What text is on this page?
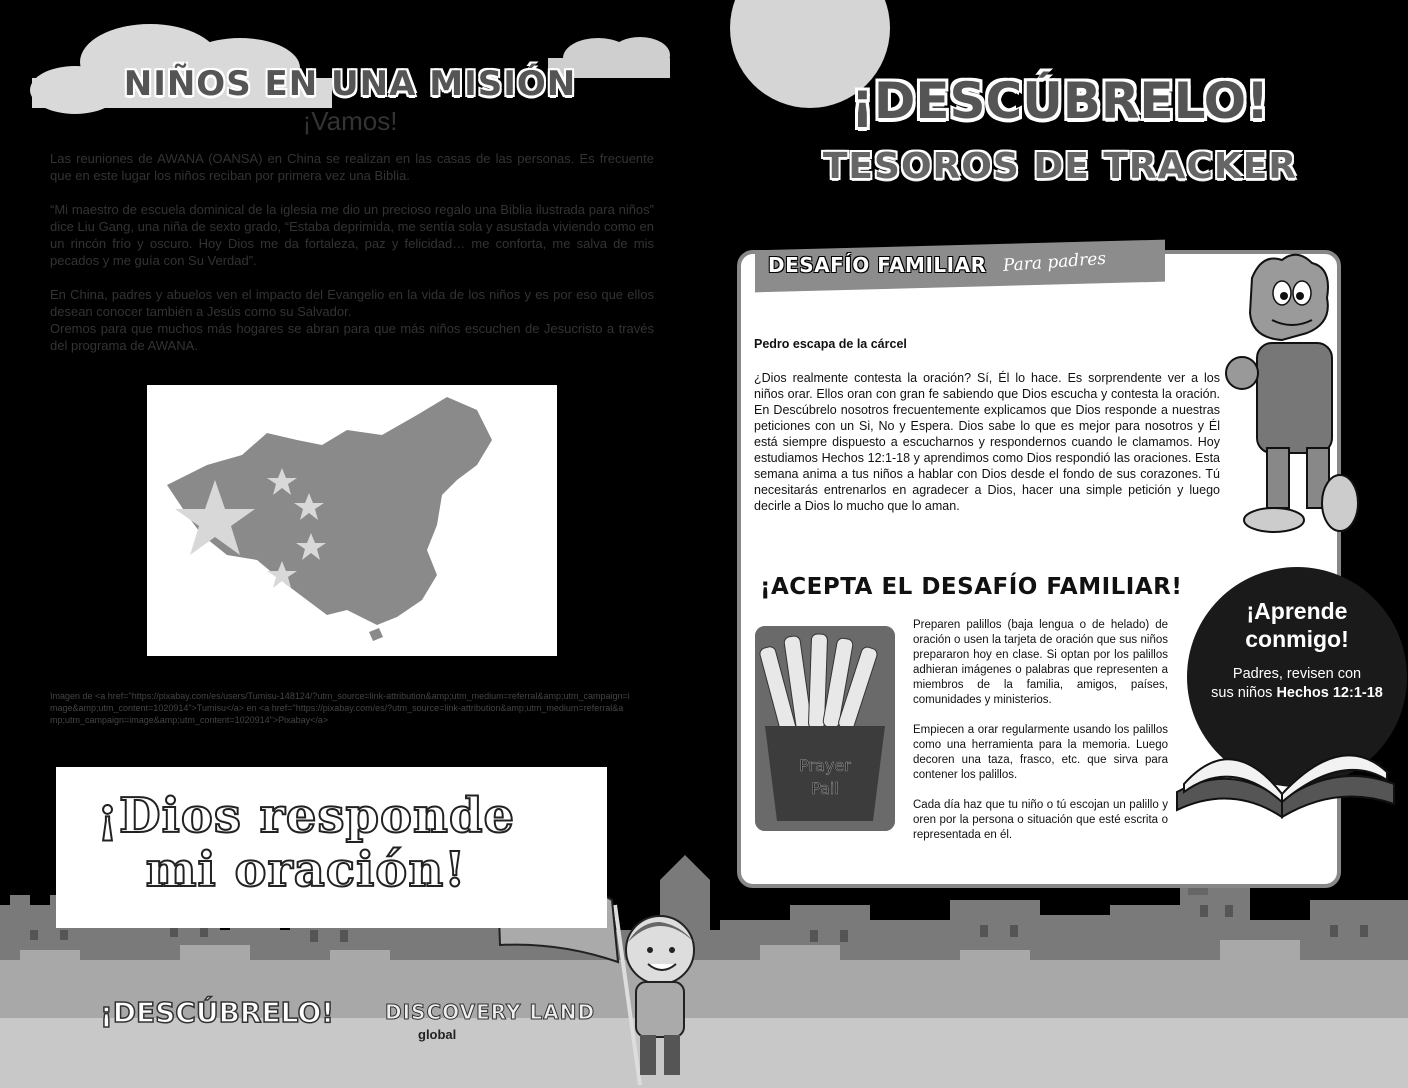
NIÑOS EN UNA MISIÓN
¡Vamos!

Las reuniones de AWANA (OANSA) en China se realizan en las casas de las personas. Es frecuente que en este lugar los niños reciban por primera vez una Biblia.

“Mi maestro de escuela dominical de la iglesia me dio un precioso regalo una Biblia ilustrada para niños” dice Liu Gang, una niña de sexto grado, “Estaba deprimida, me sentía sola y asustada viviendo como en un rincón frío y oscuro. Hoy Dios me da fortaleza, paz y felicidad… me conforta, me salva de mis pecados y me guía con Su Verdad”.

En China, padres y abuelos ven el impacto del Evangelio en la vida de los niños y es por eso que ellos desean conocer también a Jesús como su Salvador.

Oremos para que muchos más hogares se abran para que más niños escuchen de Jesucristo a través del programa de AWANA.

Imagen de <a href="https://pixabay.com/es/users/Tumisu-148124/?utm_source=link-attribution&amp;utm_medium=referral&amp;utm_campaign=image&amp;utm_content=1020914">Tumisu</a> en <a href="https://pixabay.com/es/?utm_source=link-attribution&amp;utm_medium=referral&amp;utm_campaign=image&amp;utm_content=1020914">Pixabay</a>
¡Dios responde
mi oración!
¡DESCÚBRELO!
TESOROS DE TRACKER
DESAFÍO FAMILIAR Para padres
Pedro escapa de la cárcel
¿Dios realmente contesta la oración? Sí, Él lo hace. Es sorprendente ver a los niños orar. Ellos oran con gran fe sabiendo que Dios escucha y contesta la oración. En Descúbrelo nosotros frecuentemente explicamos que Dios responde a nuestras peticiones con un Si, No y Espera. Dios sabe lo que es mejor para nosotros y Él está siempre dispuesto a escucharnos y respondernos cuando le clamamos. Hoy estudiamos Hechos 12:1-18 y aprendimos como Dios respondió las oraciones. Esta semana anima a tus niños a hablar con Dios desde el fondo de sus corazones. Tú necesitarás entrenarlos en agradecer a Dios, hacer una simple petición y luego decirle a Dios lo mucho que lo aman.
¡ACEPTA EL DESAFÍO FAMILIAR!
Prayer
Pail

Preparen palillos (baja lengua o de helado) de oración o usen la tarjeta de oración que sus niños prepararon hoy en clase. Si optan por los palillos adhieran imágenes o palabras que representen a miembros de la familia, amigos, países, comunidades y ministerios.

Empiecen a orar regularmente usando los palillos como una herramienta para la memoria. Luego decoren una taza, frasco, etc. que sirva para contener los palillos.

Cada día haz que tu niño o tú escojan un palillo y oren por la persona o situación que esté escrita o representada en él.

¡Aprende
conmigo!
Padres, revisen con
sus niños Hechos 12:1-18
¡DESCÚBRELO!	DISCOVERY LAND
global
